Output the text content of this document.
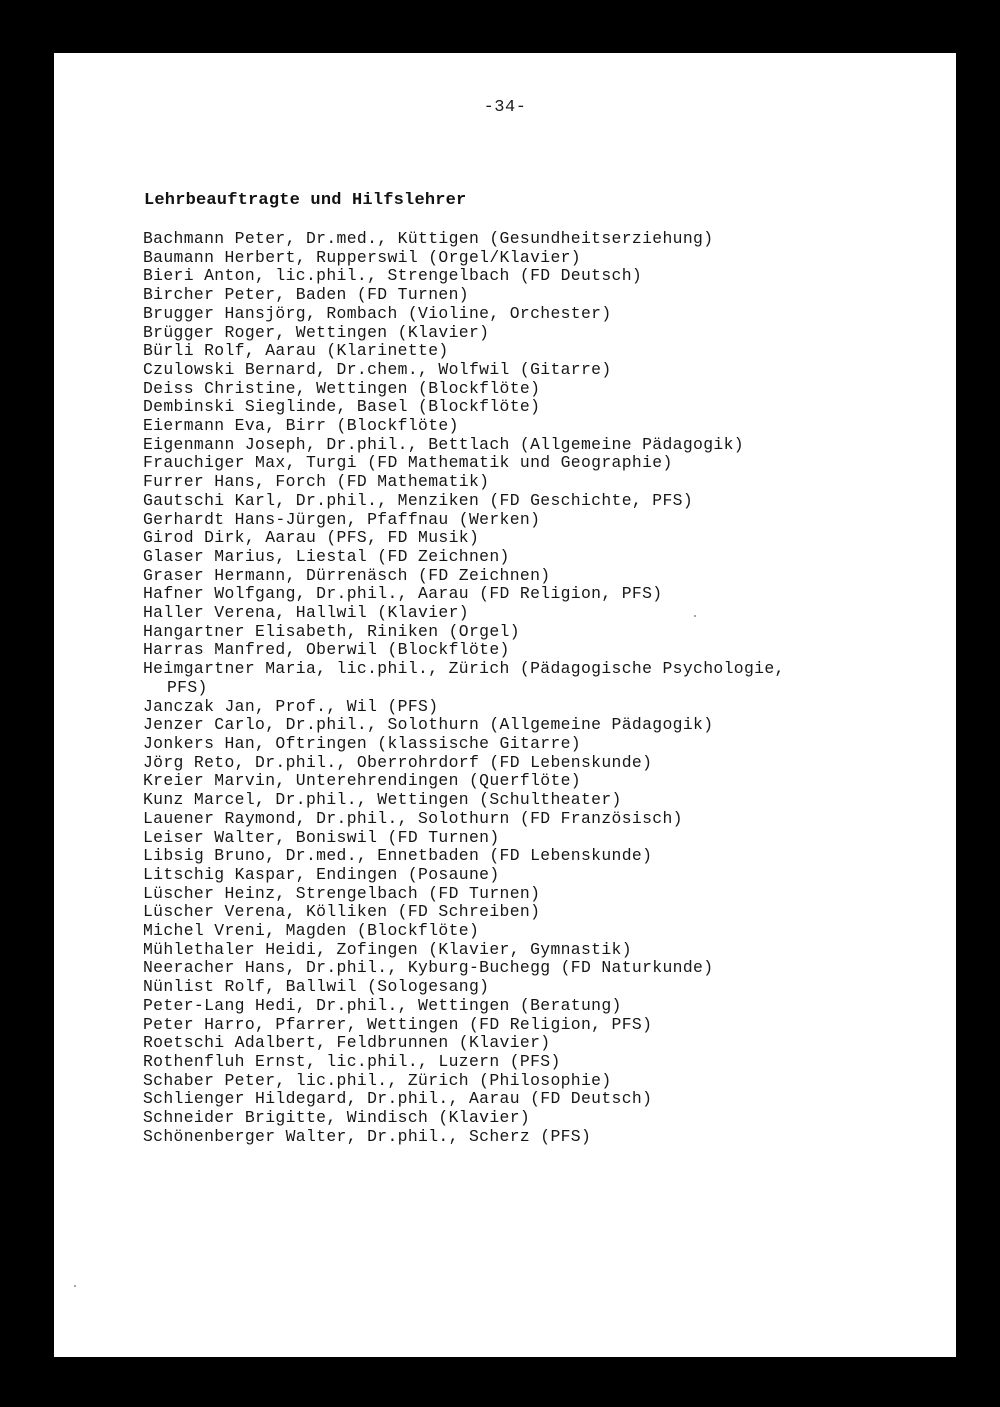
-34-
Lehrbeauftragte und Hilfslehrer
Bachmann Peter, Dr.med., Küttigen (Gesundheitserziehung)
Baumann Herbert, Rupperswil (Orgel/Klavier)
Bieri Anton, lic.phil., Strengelbach (FD Deutsch)
Bircher Peter, Baden (FD Turnen)
Brugger Hansjörg, Rombach (Violine, Orchester)
Brügger Roger, Wettingen (Klavier)
Bürli Rolf, Aarau (Klarinette)
Czulowski Bernard, Dr.chem., Wolfwil (Gitarre)
Deiss Christine, Wettingen (Blockflöte)
Dembinski Sieglinde, Basel (Blockflöte)
Eiermann Eva, Birr (Blockflöte)
Eigenmann Joseph, Dr.phil., Bettlach (Allgemeine Pädagogik)
Frauchiger Max, Turgi (FD Mathematik und Geographie)
Furrer Hans, Forch (FD Mathematik)
Gautschi Karl, Dr.phil., Menziken (FD Geschichte, PFS)
Gerhardt Hans-Jürgen, Pfaffnau (Werken)
Girod Dirk, Aarau (PFS, FD Musik)
Glaser Marius, Liestal (FD Zeichnen)
Graser Hermann, Dürrenäsch (FD Zeichnen)
Hafner Wolfgang, Dr.phil., Aarau (FD Religion, PFS)
Haller Verena, Hallwil (Klavier)
Hangartner Elisabeth, Riniken (Orgel)
Harras Manfred, Oberwil (Blockflöte)
Heimgartner Maria, lic.phil., Zürich (Pädagogische Psychologie,
PFS)
Janczak Jan, Prof., Wil (PFS)
Jenzer Carlo, Dr.phil., Solothurn (Allgemeine Pädagogik)
Jonkers Han, Oftringen (klassische Gitarre)
Jörg Reto, Dr.phil., Oberrohrdorf (FD Lebenskunde)
Kreier Marvin, Unterehrendingen (Querflöte)
Kunz Marcel, Dr.phil., Wettingen (Schultheater)
Lauener Raymond, Dr.phil., Solothurn (FD Französisch)
Leiser Walter, Boniswil (FD Turnen)
Libsig Bruno, Dr.med., Ennetbaden (FD Lebenskunde)
Litschig Kaspar, Endingen (Posaune)
Lüscher Heinz, Strengelbach (FD Turnen)
Lüscher Verena, Kölliken (FD Schreiben)
Michel Vreni, Magden (Blockflöte)
Mühlethaler Heidi, Zofingen (Klavier, Gymnastik)
Neeracher Hans, Dr.phil., Kyburg-Buchegg (FD Naturkunde)
Nünlist Rolf, Ballwil (Sologesang)
Peter-Lang Hedi, Dr.phil., Wettingen (Beratung)
Peter Harro, Pfarrer, Wettingen (FD Religion, PFS)
Roetschi Adalbert, Feldbrunnen (Klavier)
Rothenfluh Ernst, lic.phil., Luzern (PFS)
Schaber Peter, lic.phil., Zürich (Philosophie)
Schlienger Hildegard, Dr.phil., Aarau (FD Deutsch)
Schneider Brigitte, Windisch (Klavier)
Schönenberger Walter, Dr.phil., Scherz (PFS)
